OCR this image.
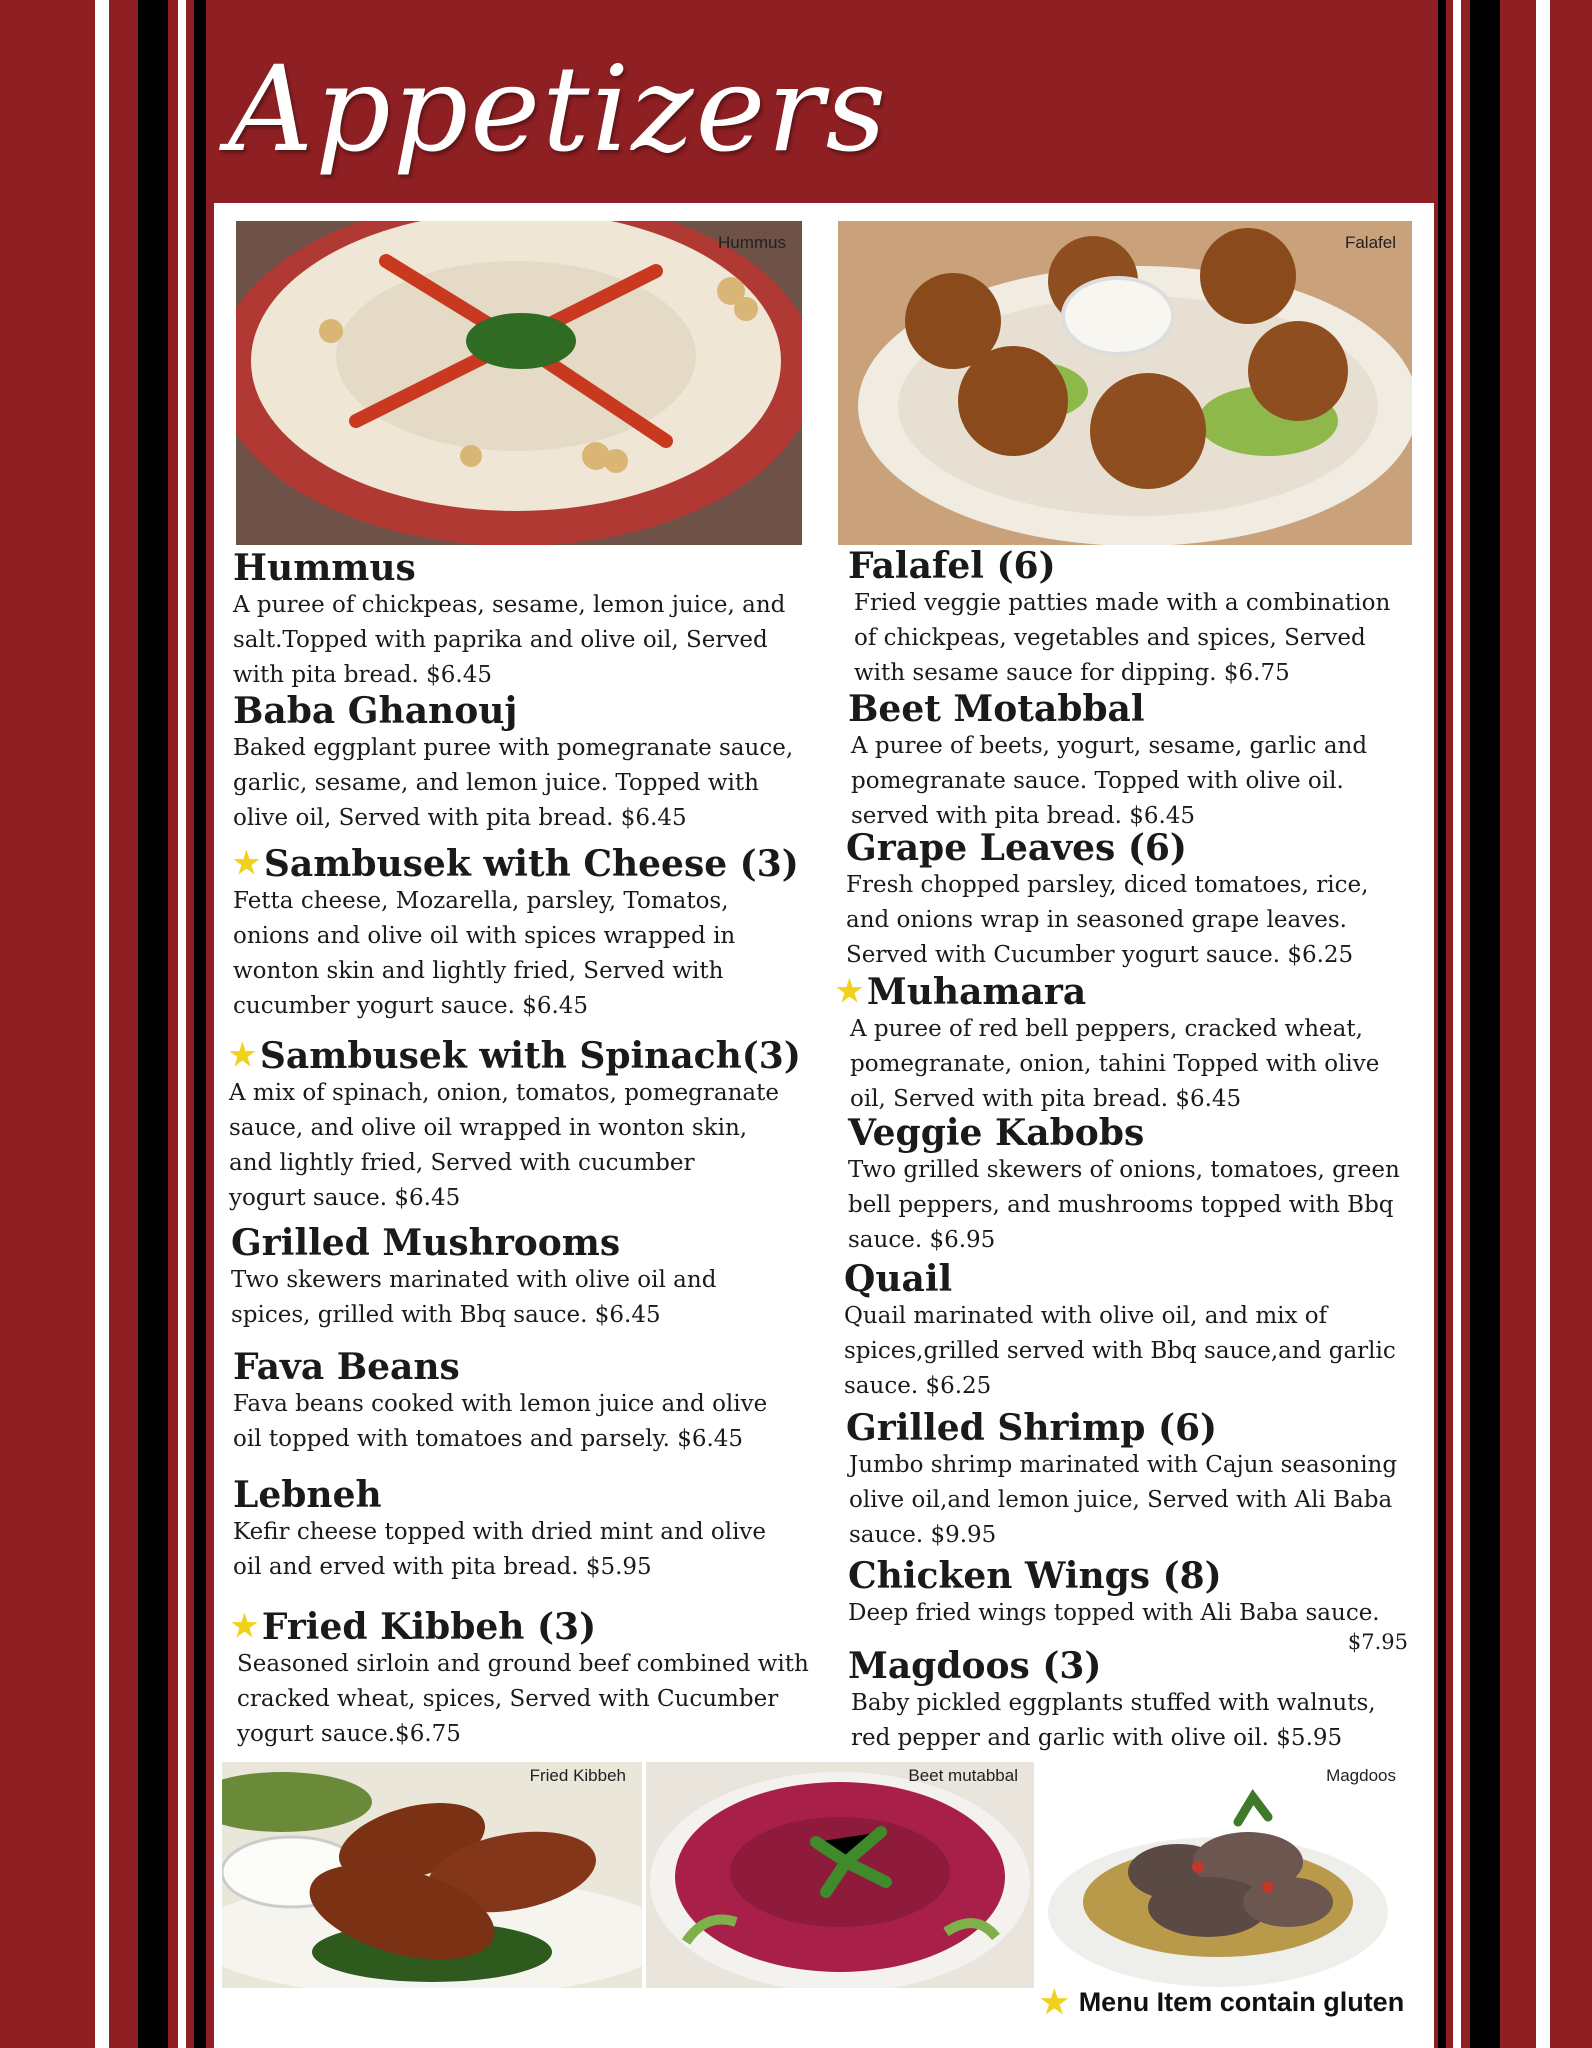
Appetizers
Hummus	Falafel
Hummus
A puree of chickpeas, sesame, lemon juice, and
salt.Topped with paprika and olive oil, Served
with pita bread. $6.45
Baba Ghanouj
Baked eggplant puree with pomegranate sauce,
garlic, sesame, and lemon juice. Topped with
olive oil, Served with pita bread. $6.45
★ Sambusek with Cheese (3)
Fetta cheese, Mozarella, parsley, Tomatos,
onions and olive oil with spices wrapped in
wonton skin and lightly fried, Served with
cucumber yogurt sauce. $6.45
★ Sambusek with Spinach(3)
A mix of spinach, onion, tomatos, pomegranate
sauce, and olive oil wrapped in wonton skin,
and lightly fried, Served with cucumber
yogurt sauce. $6.45
Grilled Mushrooms
Two skewers marinated with olive oil and
spices, grilled with Bbq sauce. $6.45
Fava Beans
Fava beans cooked with lemon juice and olive
oil topped with tomatoes and parsely. $6.45
Lebneh
Kefir cheese topped with dried mint and olive
oil and erved with pita bread. $5.95
★ Fried Kibbeh (3)
Seasoned sirloin and ground beef combined with
cracked wheat, spices, Served with Cucumber
yogurt sauce.$6.75
Falafel (6)
Fried veggie patties made with a combination
of chickpeas, vegetables and spices, Served
with sesame sauce for dipping. $6.75
Beet Motabbal
A puree of beets, yogurt, sesame, garlic and
pomegranate sauce. Topped with olive oil.
served with pita bread. $6.45
Grape Leaves (6)
Fresh chopped parsley, diced tomatoes, rice,
and onions wrap in seasoned grape leaves.
Served with Cucumber yogurt sauce. $6.25
★ Muhamara
A puree of red bell peppers, cracked wheat,
pomegranate, onion, tahini Topped with olive
oil, Served with pita bread. $6.45
Veggie Kabobs
Two grilled skewers of onions, tomatoes, green
bell peppers, and mushrooms topped with Bbq
sauce. $6.95
Quail
Quail marinated with olive oil, and mix of
spices,grilled served with Bbq sauce,and garlic
sauce. $6.25
Grilled Shrimp (6)
Jumbo shrimp marinated with Cajun seasoning
olive oil,and lemon juice, Served with Ali Baba
sauce. $9.95
Chicken Wings (8)
Deep fried wings topped with Ali Baba sauce.
$7.95
Magdoos (3)
Baby pickled eggplants stuffed with walnuts,
red pepper and garlic with olive oil. $5.95
Fried Kibbeh	Beet mutabbal	Magdoos
★ Menu Item contain gluten
